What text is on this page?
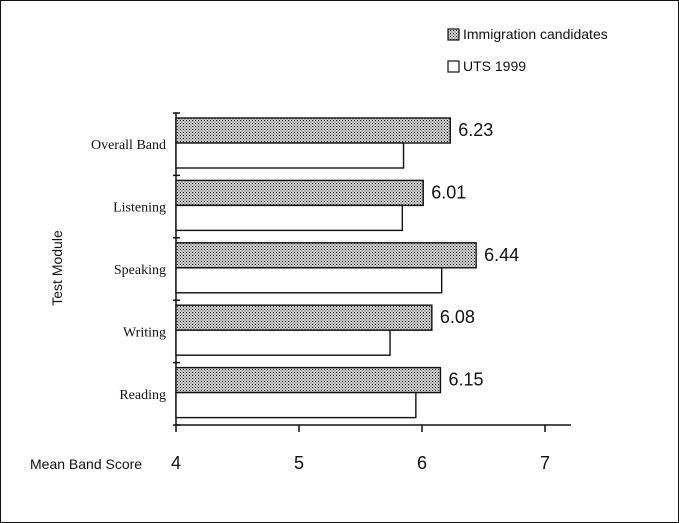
Immigration candidates
UTS 1999
4	5	6	7
Overall Band
Listening
Speaking
Writing
Reading
6.23
6.01
6.44
6.08
6.15
Test Module
Mean Band Score
